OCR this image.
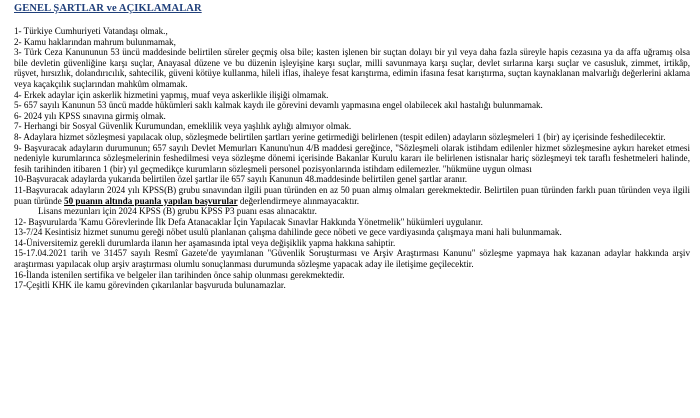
GENEL ŞARTLAR ve AÇIKLAMALAR

1- Türkiye Cumhuriyeti Vatandaşı olmak.,

2- Kamu haklarından mahrum bulunmamak,

3- Türk Ceza Kanununun 53 üncü maddesinde belirtilen süreler geçmiş olsa bile; kasten işlenen bir suçtan dolayı bir yıl veya daha fazla süreyle hapis cezasına ya da affa uğramış olsa bile devletin güvenliğine karşı suçlar, Anayasal düzene ve bu düzenin işleyişine karşı suçlar, milli savunmaya karşı suçlar, devlet sırlarına karşı suçlar ve casusluk, zimmet, irtikâp, rüşvet, hırsızlık, dolandırıcılık, sahtecilik, güveni kötüye kullanma, hileli iflas, ihaleye fesat karıştırma, edimin ifasına fesat karıştırma, suçtan kaynaklanan malvarlığı değerlerini aklama veya kaçakçılık suçlarından mahkûm olmamak.

4- Erkek adaylar için askerlik hizmetini yapmış, muaf veya askerlikle ilişiği olmamak.

5- 657 sayılı Kanunun 53 üncü madde hükümleri saklı kalmak kaydı ile görevini devamlı yapmasına engel olabilecek akıl hastalığı bulunmamak.

6- 2024 yılı KPSS sınavına girmiş olmak.

7- Herhangi bir Sosyal Güvenlik Kurumundan, emeklilik veya yaşlılık aylığı almıyor olmak.

8- Adaylara hizmet sözleşmesi yapılacak olup, sözleşmede belirtilen şartları yerine getirmediği belirlenen (tespit edilen) adayların sözleşmeleri 1 (bir) ay içerisinde feshedilecektir.

9- Başvuracak adayların durumunun; 657 sayılı Devlet Memurları Kanunu'nun 4/B maddesi gereğince, "Sözleşmeli olarak istihdam edilenler hizmet sözleşmesine aykırı hareket etmesi nedeniyle kurumlarınca sözleşmelerinin feshedilmesi veya sözleşme dönemi içerisinde Bakanlar Kurulu kararı ile belirlenen istisnalar hariç sözleşmeyi tek taraflı feshetmeleri halinde, fesih tarihinden itibaren 1 (bir) yıl geçmedikçe kurumların sözleşmeli personel pozisyonlarında istihdam edilemezler. "hükmüne uygun olması

10-Başvuracak adaylarda yukarıda belirtilen özel şartlar ile 657 sayılı Kanunun 48.maddesinde belirtilen genel şartlar aranır.

11-Başvuracak adayların 2024 yılı KPSS(B) grubu sınavından ilgili puan türünden en az 50 puan almış olmaları gerekmektedir. Belirtilen puan türünden farklı puan türünden veya ilgili puan türünde 50 puanın altında puanla yapılan başvurular değerlendirmeye alınmayacaktır.

Lisans mezunları için 2024 KPSS (B) grubu KPSS P3 puanı esas alınacaktır.

12- Başvurularda 'Kamu Görevlerinde İlk Defa Atanacaklar İçin Yapılacak Sınavlar Hakkında Yönetmelik" hükümleri uygulanır.

13-7/24 Kesintisiz hizmet sunumu gereği nöbet usulü planlanan çalışma dahilinde gece nöbeti ve gece vardiyasında çalışmaya mani hali bulunmamak.

14-Üniversitemiz gerekli durumlarda ilanın her aşamasında iptal veya değişiklik yapma hakkına sahiptir.

15-17.04.2021 tarih ve 31457 sayılı Resmî Gazete'de yayımlanan "Güvenlik Soruşturması ve Arşiv Araştırması Kanunu" sözleşme yapmaya hak kazanan adaylar hakkında arşiv araştırması yapılacak olup arşiv araştırması olumlu sonuçlanması durumunda sözleşme yapacak aday ile iletişime geçilecektir.

16-İlanda istenilen sertifika ve belgeler ilan tarihinden önce sahip olunması gerekmektedir.

17-Çeşitli KHK ile kamu görevinden çıkarılanlar başvuruda bulunamazlar.
